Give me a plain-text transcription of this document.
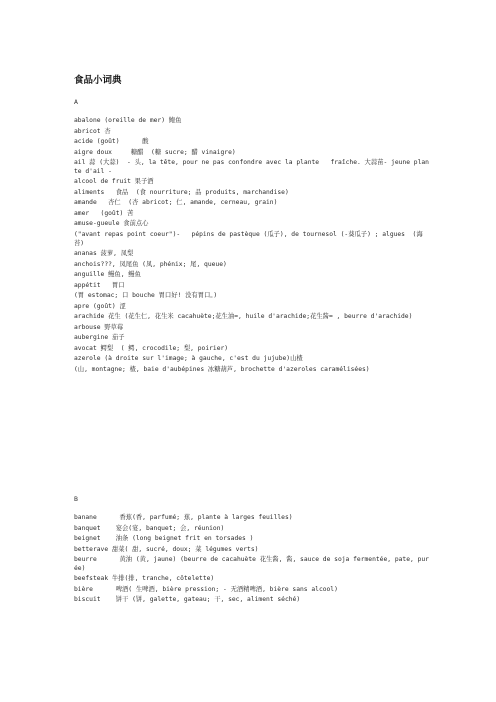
食品小词典
A
abalone (oreille de mer) 鲍鱼
abricot 杏
acide (goût)      酸
aigre doux     糖醋  (糖 sucre; 醋 vinaigre)
ail 蒜 (大蒜)  - 头, la tête, pour ne pas confondre avec la plante   fraîche. 大蒜苗- jeune plante d'ail -
alcool de fruit 果子酒
aliments   食品  (食 nourriture; 品 produits, marchandise)
amande   杏仁  (杏 abricot; 仁, amande, cerneau, grain)
amer   (goût) 苦
amuse-gueule 食前点心
("avant repas point coeur")-   pépins de pastèque (瓜子), de tournesol (-葵瓜子) ; algues  (海苔)
ananas 菠萝, 凤梨
anchois???, 凤尾鱼 (凤, phénix; 尾, queue)
anguille 鳗鱼, 鳗鱼
appétit   胃口
(胃 estomac; 口 bouche 胃口好! 没有胃口。)
apre (goût) 涩
arachide 花生 (花生仁, 花生米 cacahuète;花生油=, huile d'arachide;花生酱= , beurre d'arachide)
arbouse 野草莓
aubergine 茄子
avocat 鳄梨  ( 鳄, crocodile; 梨, poirier)
azerole (à droite sur l'image; à gauche, c'est du jujube)山楂
(山, montagne; 楂, baie d'aubépines 冰糖葫芦, brochette d'azeroles caramélisées)
B
banane      香蕉(香, parfumé; 蕉, plante à larges feuilles)
banquet    宴会(宴, banquet; 会, réunion)
beignet    油条 (long beignet frit en torsades )
betterave 甜菜( 甜, sucré, doux; 菜 légumes verts)
beurre      黄油 (黄, jaune) (beurre de cacahuète 花生酱, 酱, sauce de soja fermentée, pate, purée)
beefsteak 牛排(排, tranche, côtelette)
bière      啤酒( 生啤酒, bière pression; - 无酒精啤酒, bière sans alcool)
biscuit    饼干 (饼, galette, gateau; 干, sec, aliment séché)
